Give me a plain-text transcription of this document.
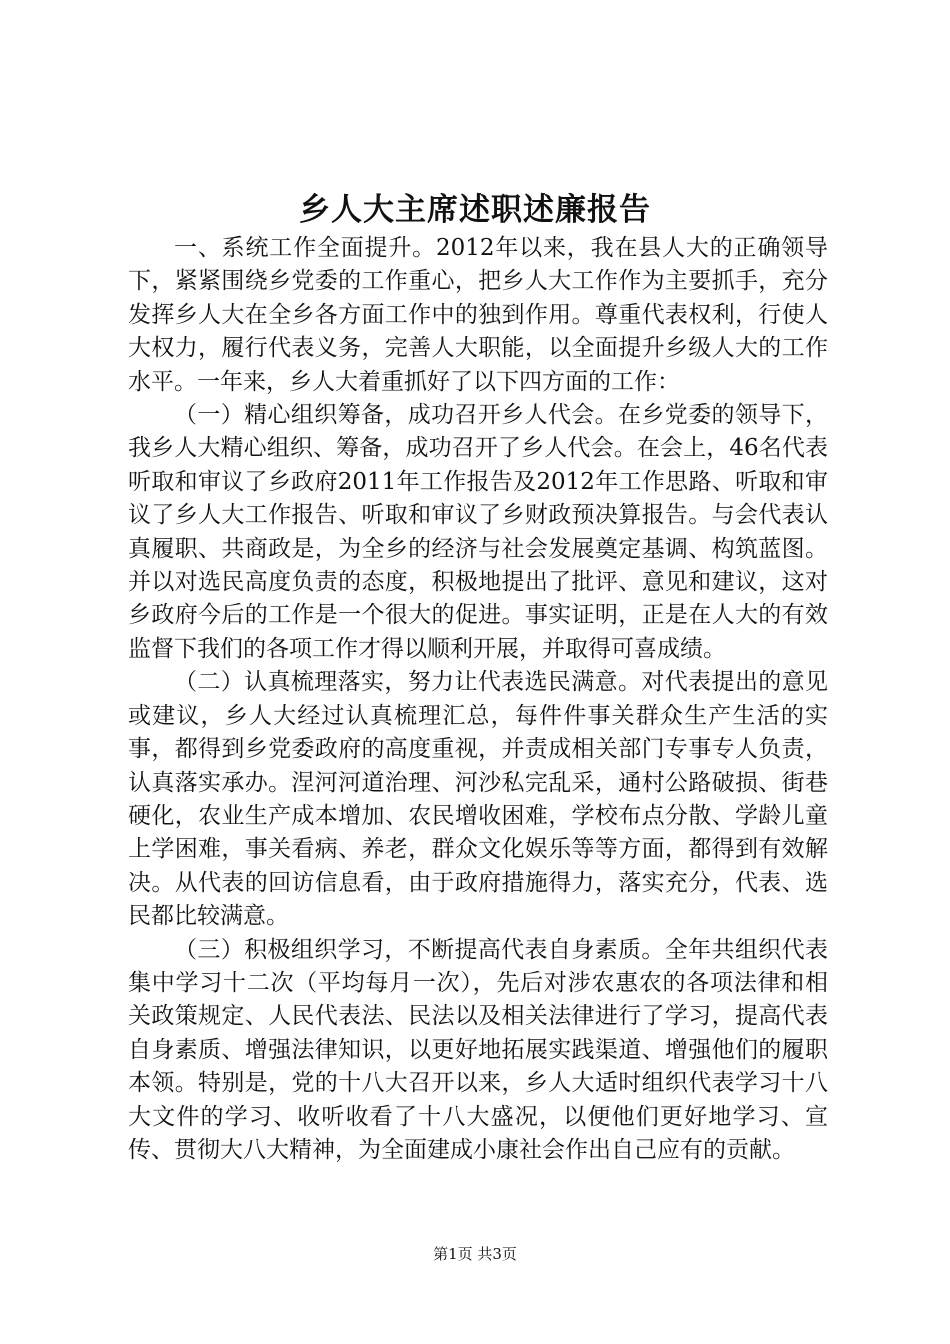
乡人大主席述职述廉报告

一、系统工作全面提升。2012年以来，我在县人大的正确领导下，紧紧围绕乡党委的工作重心，把乡人大工作作为主要抓手，充分发挥乡人大在全乡各方面工作中的独到作用。尊重代表权利，行使人大权力，履行代表义务，完善人大职能，以全面提升乡级人大的工作水平。一年来，乡人大着重抓好了以下四方面的工作：

（一）精心组织筹备，成功召开乡人代会。在乡党委的领导下，我乡人大精心组织、筹备，成功召开了乡人代会。在会上，46名代表听取和审议了乡政府2011年工作报告及2012年工作思路、听取和审议了乡人大工作报告、听取和审议了乡财政预决算报告。与会代表认真履职、共商政是，为全乡的经济与社会发展奠定基调、构筑蓝图。并以对选民高度负责的态度，积极地提出了批评、意见和建议，这对乡政府今后的工作是一个很大的促进。事实证明，正是在人大的有效监督下我们的各项工作才得以顺利开展，并取得可喜成绩。

（二）认真梳理落实，努力让代表选民满意。对代表提出的意见或建议，乡人大经过认真梳理汇总，每件件事关群众生产生活的实事，都得到乡党委政府的高度重视，并责成相关部门专事专人负责，认真落实承办。涅河河道治理、河沙私完乱采，通村公路破损、街巷硬化，农业生产成本增加、农民增收困难，学校布点分散、学龄儿童上学困难，事关看病、养老，群众文化娱乐等等方面，都得到有效解决。从代表的回访信息看，由于政府措施得力，落实充分，代表、选民都比较满意。

（三）积极组织学习，不断提高代表自身素质。全年共组织代表集中学习十二次（平均每月一次），先后对涉农惠农的各项法律和相关政策规定、人民代表法、民法以及相关法律进行了学习，提高代表自身素质、增强法律知识，以更好地拓展实践渠道、增强他们的履职本领。特别是，党的十八大召开以来，乡人大适时组织代表学习十八大文件的学习、收听收看了十八大盛况，以便他们更好地学习、宣传、贯彻大八大精神，为全面建成小康社会作出自己应有的贡献。

第1页 共3页
